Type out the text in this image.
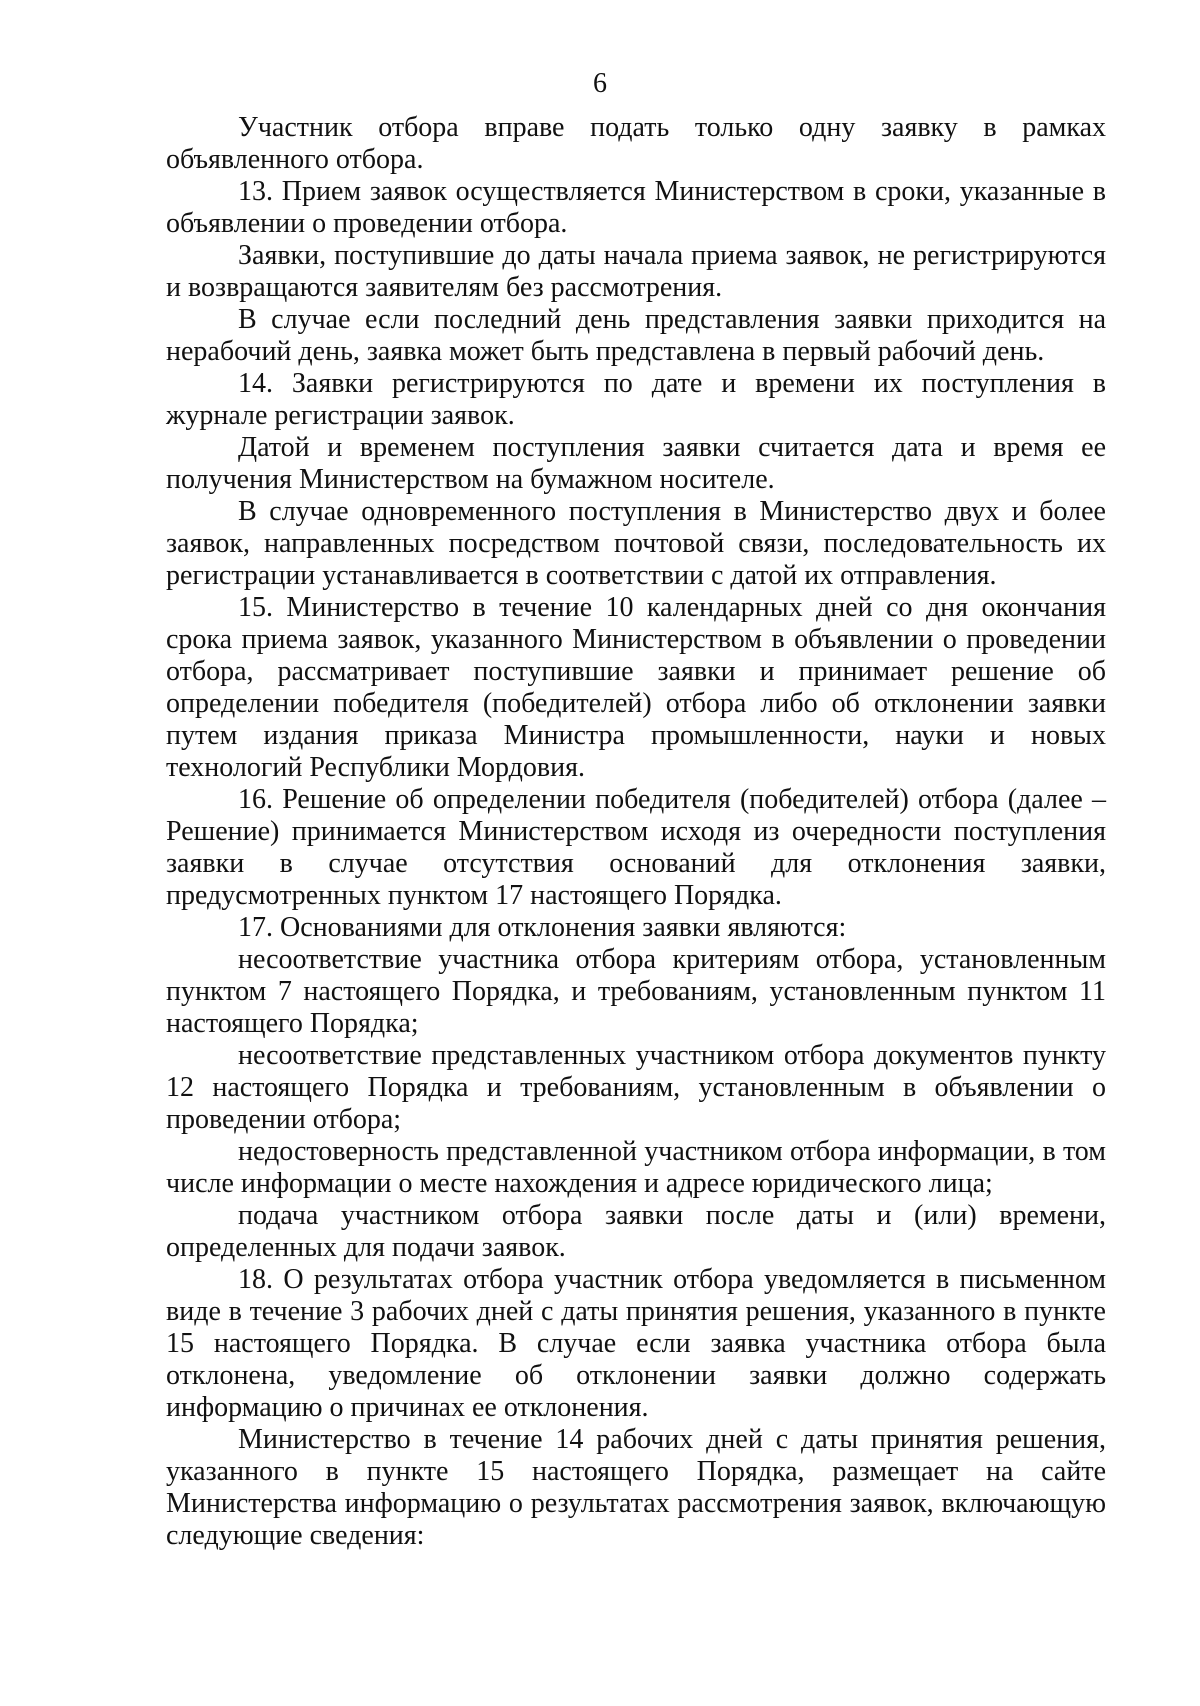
6

Участник отбора вправе подать только одну заявку в рамках объявленного отбора.

13. Прием заявок осуществляется Министерством в сроки, указанные в объявлении о проведении отбора.

Заявки, поступившие до даты начала приема заявок, не регистрируются и возвращаются заявителям без рассмотрения.

В случае если последний день представления заявки приходится на нерабочий день, заявка может быть представлена в первый рабочий день.

14. Заявки регистрируются по дате и времени их поступления в журнале регистрации заявок.

Датой и временем поступления заявки считается дата и время ее получения Министерством на бумажном носителе.

В случае одновременного поступления в Министерство двух и более заявок, направленных посредством почтовой связи, последовательность их регистрации устанавливается в соответствии с датой их отправления.

15. Министерство в течение 10 календарных дней со дня окончания срока приема заявок, указанного Министерством в объявлении о проведении отбора, рассматривает поступившие заявки и принимает решение об определении победителя (победителей) отбора либо об отклонении заявки путем издания приказа Министра промышленности, науки и новых технологий Республики Мордовия.

16. Решение об определении победителя (победителей) отбора (далее – Решение) принимается Министерством исходя из очередности поступления заявки в случае отсутствия оснований для отклонения заявки, предусмотренных пунктом 17 настоящего Порядка.

17. Основаниями для отклонения заявки являются:

несоответствие участника отбора критериям отбора, установленным пунктом 7 настоящего Порядка, и требованиям, установленным пунктом 11 настоящего Порядка;

несоответствие представленных участником отбора документов пункту 12 настоящего Порядка и требованиям, установленным в объявлении о проведении отбора;

недостоверность представленной участником отбора информации, в том числе информации о месте нахождения и адресе юридического лица;

подача участником отбора заявки после даты и (или) времени, определенных для подачи заявок.

18. О результатах отбора участник отбора уведомляется в письменном виде в течение 3 рабочих дней с даты принятия решения, указанного в пункте 15 настоящего Порядка. В случае если заявка участника отбора была отклонена, уведомление об отклонении заявки должно содержать информацию о причинах ее отклонения.

Министерство в течение 14 рабочих дней с даты принятия решения, указанного в пункте 15 настоящего Порядка, размещает на сайте Министерства информацию о результатах рассмотрения заявок, включающую следующие сведения:
